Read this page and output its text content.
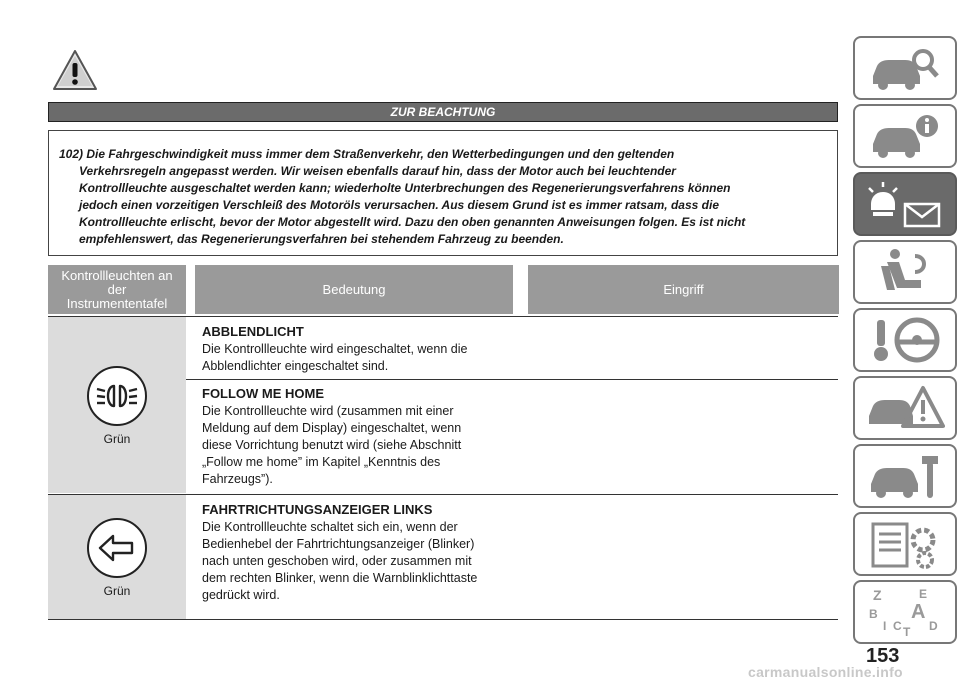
ZUR BEACHTUNG
102) Die Fahrgeschwindigkeit muss immer dem Straßenverkehr, den Wetterbedingungen und den geltenden
Verkehrsregeln angepasst werden. Wir weisen ebenfalls darauf hin, dass der Motor auch bei leuchtender
Kontrollleuchte ausgeschaltet werden kann; wiederholte Unterbrechungen des Regenerierungsverfahrens können
jedoch einen vorzeitigen Verschleiß des Motoröls verursachen. Aus diesem Grund ist es immer ratsam, dass die
Kontrollleuchte erlischt, bevor der Motor abgestellt wird. Dazu den oben genannten Anweisungen folgen. Es ist nicht
empfehlenswert, das Regenerierungsverfahren bei stehendem Fahrzeug zu beenden.
Kontrollleuchten an
der
Instrumententafel
Bedeutung	Eingriff
Grün
ABBLENDLICHT
Die Kontrollleuchte wird eingeschaltet, wenn die
Abblendlichter eingeschaltet sind.
FOLLOW ME HOME
Die Kontrollleuchte wird (zusammen mit einer
Meldung auf dem Display) eingeschaltet, wenn
diese Vorrichtung benutzt wird (siehe Abschnitt
„Follow me home” im Kapitel „Kenntnis des
Fahrzeugs”).
Grün
FAHRTRICHTUNGSANZEIGER LINKS
Die Kontrollleuchte schaltet sich ein, wenn der
Bedienhebel der Fahrtrichtungsanzeiger (Blinker)
nach unten geschoben wird, oder zusammen mit
dem rechten Blinker, wenn die Warnblinklichttaste
gedrückt wird.	Z	E
B A
I C T D
153
carmanualsonline.info
